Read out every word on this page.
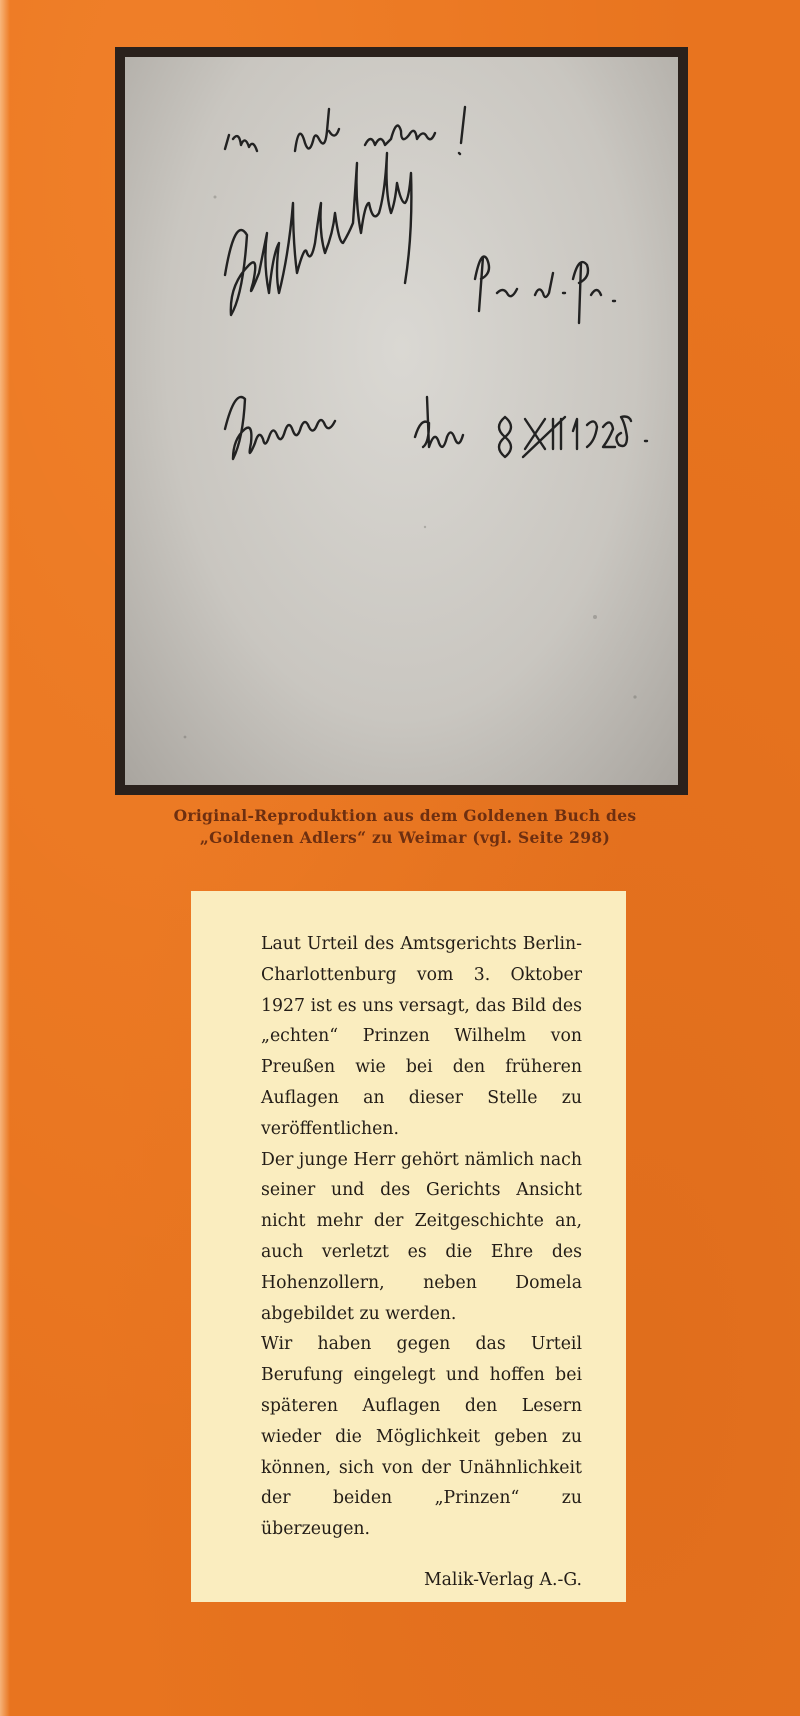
Original-Reproduktion aus dem Goldenen Buch des
„Goldenen Adlers“ zu Weimar (vgl. Seite 298)

Laut Urteil des Amtsgerichts Berlin-Charlottenburg vom 3. Oktober 1927 ist es uns versagt, das Bild des „echten“ Prinzen Wilhelm von Preußen wie bei den früheren Auflagen an dieser Stelle zu veröffentlichen.

Der junge Herr gehört nämlich nach seiner und des Gerichts Ansicht nicht mehr der Zeitgeschichte an, auch verletzt es die Ehre des Hohenzollern, neben Domela abgebildet zu werden.

Wir haben gegen das Urteil Berufung eingelegt und hoffen bei späteren Auflagen den Lesern wieder die Möglichkeit geben zu können, sich von der Unähnlichkeit der beiden „Prinzen“ zu überzeugen.

Malik-Verlag A.-G.
